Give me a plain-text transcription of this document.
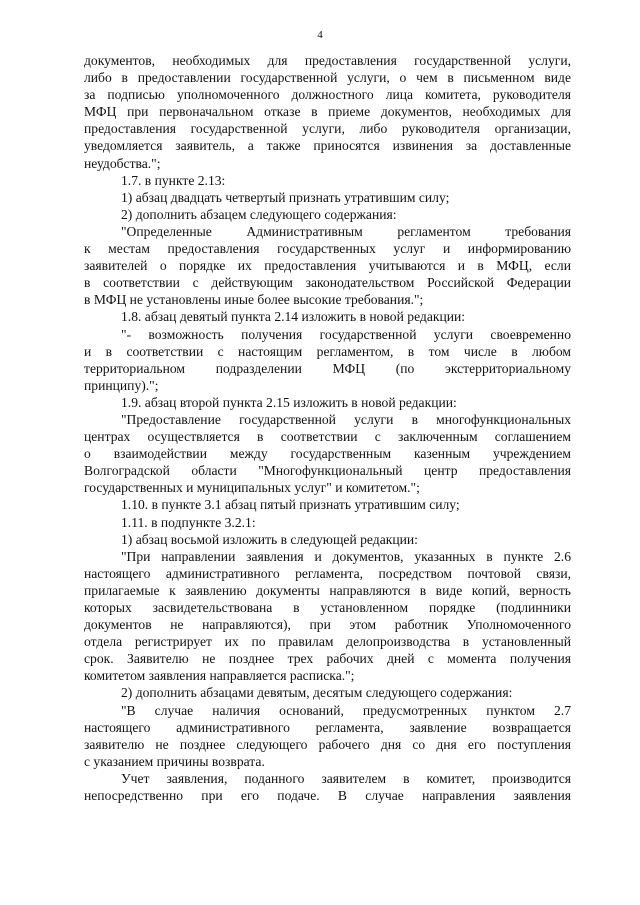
4
документов, необходимых для предоставления государственной услуги,
либо в предоставлении государственной услуги, о чем в письменном виде
за подписью уполномоченного должностного лица комитета, руководителя
МФЦ при первоначальном отказе в приеме документов, необходимых для
предоставления государственной услуги, либо руководителя организации,
уведомляется заявитель, а также приносятся извинения за доставленные
неудобства.";
1.7. в пункте 2.13:
1) абзац двадцать четвертый признать утратившим силу;
2) дополнить абзацем следующего содержания:
"Определенные Административным регламентом требования
к местам предоставления государственных услуг и информированию
заявителей о порядке их предоставления учитываются и в МФЦ, если
в соответствии с действующим законодательством Российской Федерации
в МФЦ не установлены иные более высокие требования.";
1.8. абзац девятый пункта 2.14 изложить в новой редакции:
"- возможность получения государственной услуги своевременно
и в соответствии с настоящим регламентом, в том числе в любом
территориальном подразделении МФЦ (по экстерриториальному
принципу).";
1.9. абзац второй пункта 2.15 изложить в новой редакции:
"Предоставление государственной услуги в многофункциональных
центрах осуществляется в соответствии с заключенным соглашением
о взаимодействии между государственным казенным учреждением
Волгоградской области "Многофункциональный центр предоставления
государственных и муниципальных услуг" и комитетом.";
1.10. в пункте 3.1 абзац пятый признать утратившим силу;
1.11. в подпункте 3.2.1:
1) абзац восьмой изложить в следующей редакции:
"При направлении заявления и документов, указанных в пункте 2.6
настоящего административного регламента, посредством почтовой связи,
прилагаемые к заявлению документы направляются в виде копий, верность
которых засвидетельствована в установленном порядке (подлинники
документов не направляются), при этом работник Уполномоченного
отдела регистрирует их по правилам делопроизводства в установленный
срок. Заявителю не позднее трех рабочих дней с момента получения
комитетом заявления направляется расписка.";
2) дополнить абзацами девятым, десятым следующего содержания:
"В случае наличия оснований, предусмотренных пунктом 2.7
настоящего административного регламента, заявление возвращается
заявителю не позднее следующего рабочего дня со дня его поступления
с указанием причины возврата.
Учет заявления, поданного заявителем в комитет, производится
непосредственно при его подаче. В случае направления заявления
